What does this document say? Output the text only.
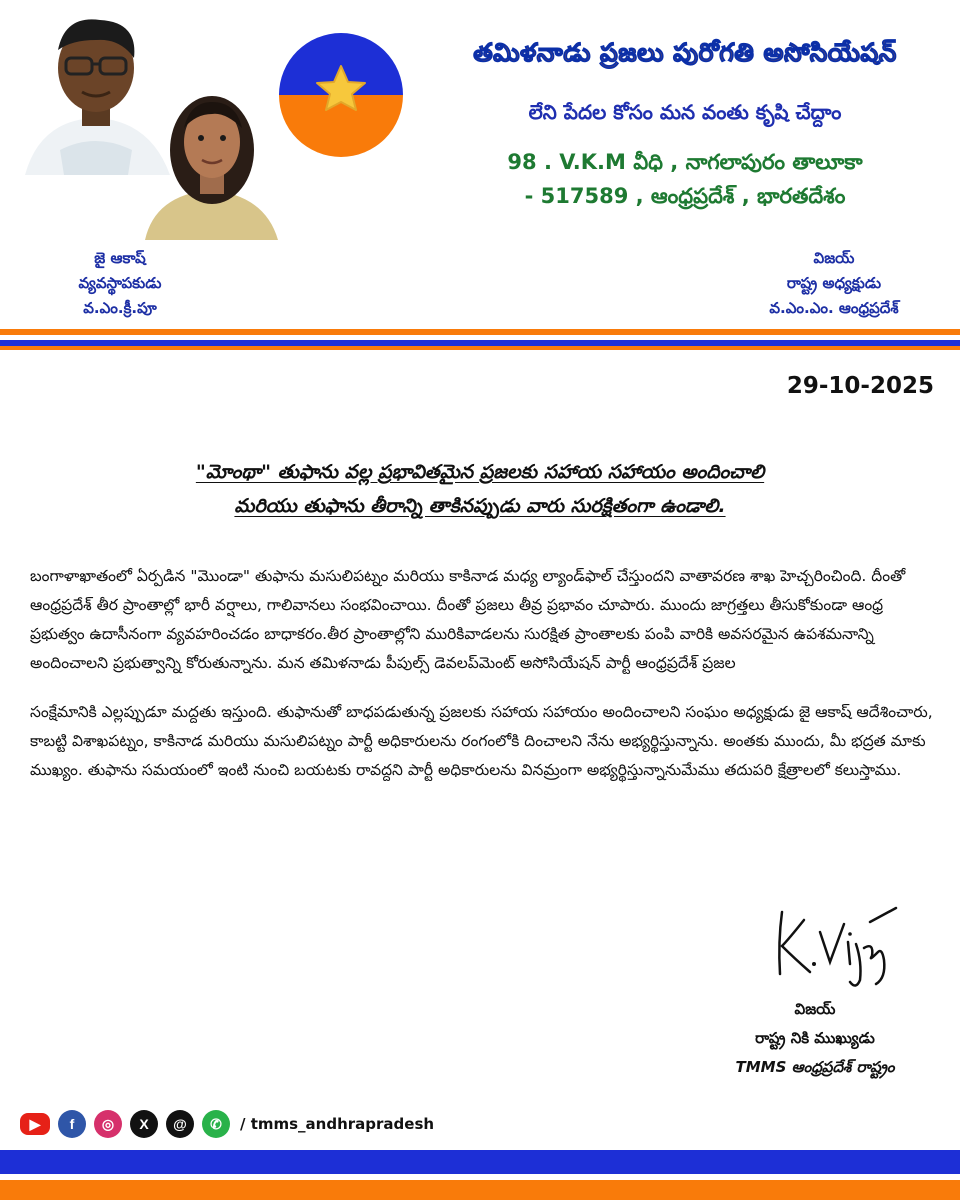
తమిళనాడు ప్రజలు పురోగతి అసోసియేషన్
లేని పేదల కోసం మన వంతు కృషి చేద్దాం
98 . V.K.M వీధి , నాగలాపురం తాలూకా
- 517589 , ఆంధ్రప్రదేశ్ , భారతదేశం
జై ఆకాష్
వ్యవస్థాపకుడు
వ.ఎం.క్రీ.పూ
విజయ్
రాష్ట్ర అధ్యక్షుడు
వ.ఎం.ఎం. ఆంధ్రప్రదేశ్
29-10-2025
"మోంథా" తుఫాను వల్ల ప్రభావితమైన ప్రజలకు సహాయ సహాయం అందించాలి
మరియు తుఫాను తీరాన్ని తాకినప్పుడు వారు సురక్షితంగా ఉండాలి.

బంగాళాఖాతంలో ఏర్పడిన "మొండా" తుఫాను మసులిపట్నం మరియు కాకినాడ మధ్య ల్యాండ్‌ఫాల్ చేస్తుందని వాతావరణ శాఖ హెచ్చరించింది. దీంతో ఆంధ్రప్రదేశ్ తీర ప్రాంతాల్లో భారీ వర్షాలు, గాలివానలు సంభవించాయి. దీంతో ప్రజలు తీవ్ర ప్రభావం చూపారు. ముందు జాగ్రత్తలు తీసుకోకుండా ఆంధ్ర ప్రభుత్వం ఉదాసీనంగా వ్యవహరించడం బాధాకరం.తీర ప్రాంతాల్లోని మురికివాడలను సురక్షిత ప్రాంతాలకు పంపి వారికి అవసరమైన ఉపశమనాన్ని అందించాలని ప్రభుత్వాన్ని కోరుతున్నాను. మన తమిళనాడు పీపుల్స్ డెవలప్‌మెంట్ అసోసియేషన్ పార్టీ ఆంధ్రప్రదేశ్ ప్రజల

సంక్షేమానికి ఎల్లప్పుడూ మద్దతు ఇస్తుంది. తుఫానుతో బాధపడుతున్న ప్రజలకు సహాయ సహాయం అందించాలని సంఘం అధ్యక్షుడు జై ఆకాష్ ఆదేశించారు, కాబట్టి విశాఖపట్నం, కాకినాడ మరియు మసులిపట్నం పార్టీ అధికారులను రంగంలోకి దించాలని నేను అభ్యర్థిస్తున్నాను. అంతకు ముందు, మీ భద్రత మాకు ముఖ్యం. తుఫాను సమయంలో ఇంటి నుంచి బయటకు రావద్దని పార్టీ అధికారులను వినమ్రంగా అభ్యర్థిస్తున్నానుమేము తదుపరి క్షేత్రాలలో కలుస్తాము.

విజయ్
రాష్ట్ర నికి ముఖ్యుడు
TMMS ఆంధ్రప్రదేశ్ రాష్ట్రం
▶	f	◎	X	@	✆	/ tmms_andhrapradesh
